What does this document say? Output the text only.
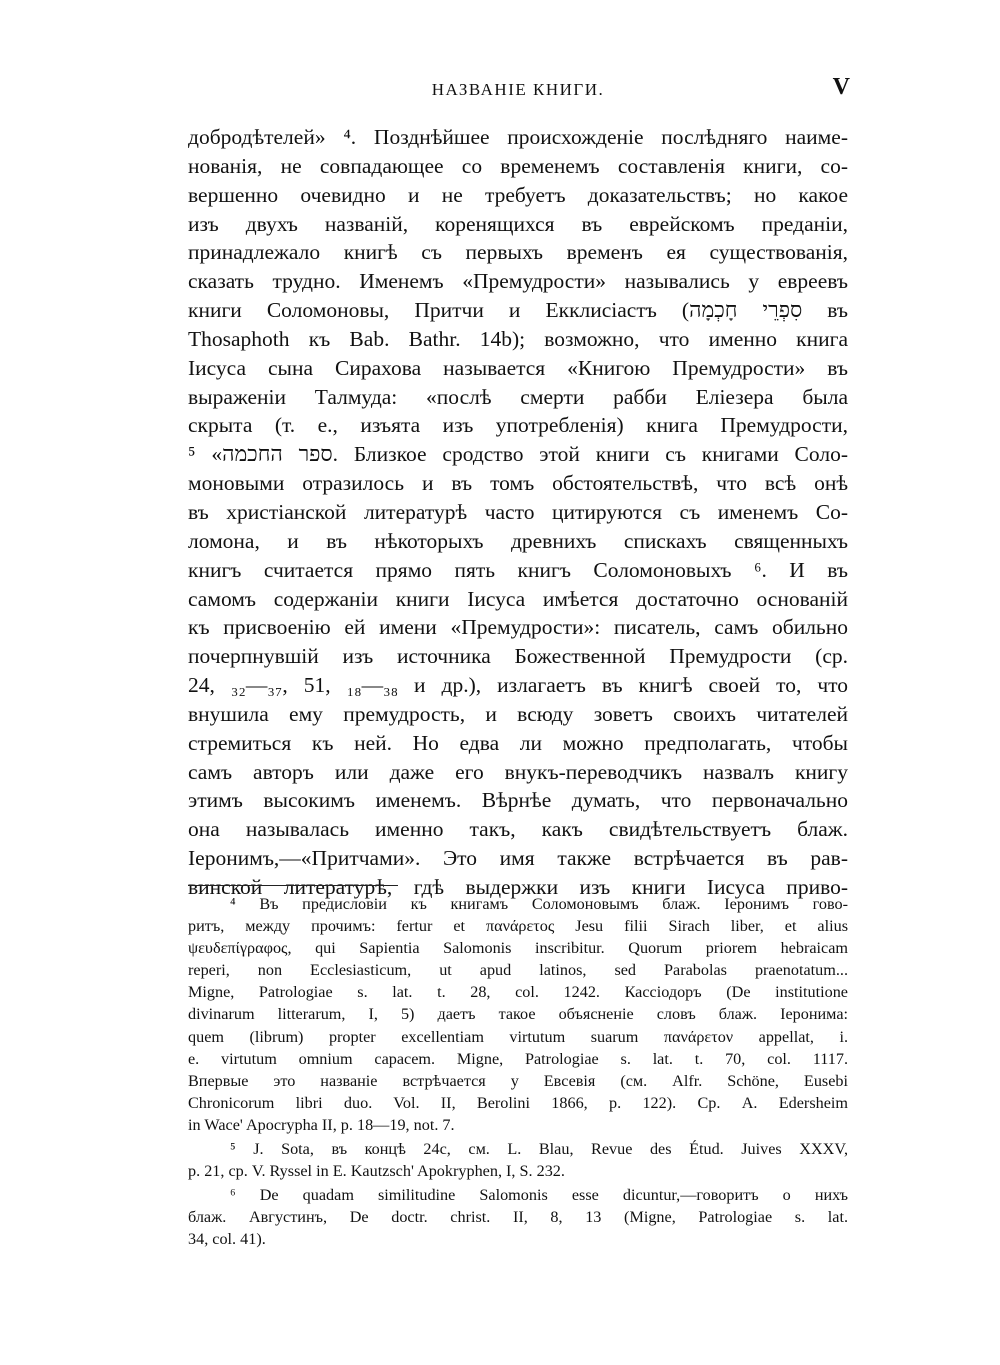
НАЗВАНІЕ КНИГИ.	V
добродѣтелей» ⁴. Позднѣйшее происхожденіе послѣдняго наиме-
нованія, не совпадающее со временемъ составленія книги, со-
вершенно очевидно и не требуетъ доказательствъ; но какое
изъ двухъ названій, коренящихся въ еврейскомъ преданіи,
принадлежало книгѣ съ первыхъ временъ ея существованія,
сказать трудно. Именемъ «Премудрости» назывались у евреевъ
книги Соломоновы, Притчи и Екклисіастъ (סִפְרֵי חָכְמָה въ
Thosaphoth къ Bab. Bathr. 14b); возможно, что именно книга
Іисуса сына Сирахова называется «Книгою Премудрости» въ
выраженіи Талмуда: «послѣ смерти рабби Еліезера была
скрыта (т. е., изъята изъ употребленія) книга Премудрости,
ספר החכמה» ⁵. Близкое сродство этой книги съ книгами Соло-
моновыми отразилось и въ томъ обстоятельствѣ, что всѣ онѣ
въ христіанской литературѣ часто цитируются съ именемъ Со-
ломона, и въ нѣкоторыхъ древнихъ спискахъ священныхъ
книгъ считается прямо пять книгъ Соломоновыхъ ⁶. И въ
самомъ содержаніи книги Іисуса имѣется достаточно основаній
къ присвоенію ей имени «Премудрости»: писатель, самъ обильно
почерпнувшій изъ источника Божественной Премудрости (ср.
24, ₃₂—₃₇, 51, ₁₈—₃₈ и др.), излагаетъ въ книгѣ своей то, что
внушила ему премудрость, и всюду зоветъ своихъ читателей
стремиться къ ней. Но едва ли можно предполагать, чтобы
самъ авторъ или даже его внукъ-переводчикъ назвалъ книгу
этимъ высокимъ именемъ. Вѣрнѣе думать, что первоначально
она называлась именно такъ, какъ свидѣтельствуетъ блаж.
Іеронимъ,—«Притчами». Это имя также встрѣчается въ рав-
винской литературѣ, гдѣ выдержки изъ книги Іисуса приво-
⁴ Въ предисловіи къ книгамъ Соломоновымъ блаж. Іеронимъ гово-
ритъ, между прочимъ: fertur et πανάρετος Jesu filii Sirach liber, et alius
ψευδεπίγραφος, qui Sapientia Salomonis inscribitur. Quorum priorem hebraicam
reperi, non Ecclesiasticum, ut apud latinos, sed Parabolas praenotatum...
Migne, Patrologiae s. lat. t. 28, col. 1242. Кассіодоръ (De institutione
divinarum litterarum, I, 5) даетъ такое объясненіе словъ блаж. Іеронима:
quem (librum) propter excellentiam virtutum suarum πανάρετον appellat, i.
e. virtutum omnium capacem. Migne, Patrologiae s. lat. t. 70, col. 1117.
Впервые это названіе встрѣчается у Евсевія (см. Alfr. Schöne, Eusebi
Chronicorum libri duo. Vol. II, Berolini 1866, p. 122). Ср. A. Edersheim
in Wace' Apocrypha II, p. 18—19, not. 7.
⁵ J. Sota, въ концѣ 24c, см. L. Blau, Revue des Étud. Juives XXXV,
p. 21, ср. V. Ryssel in E. Kautzsch' Apokryphen, I, S. 232.
⁶ De quadam similitudine Salomonis esse dicuntur,—говоритъ о нихъ
блаж. Августинъ, De doctr. christ. II, 8, 13 (Migne, Patrologiae s. lat.
34, col. 41).
